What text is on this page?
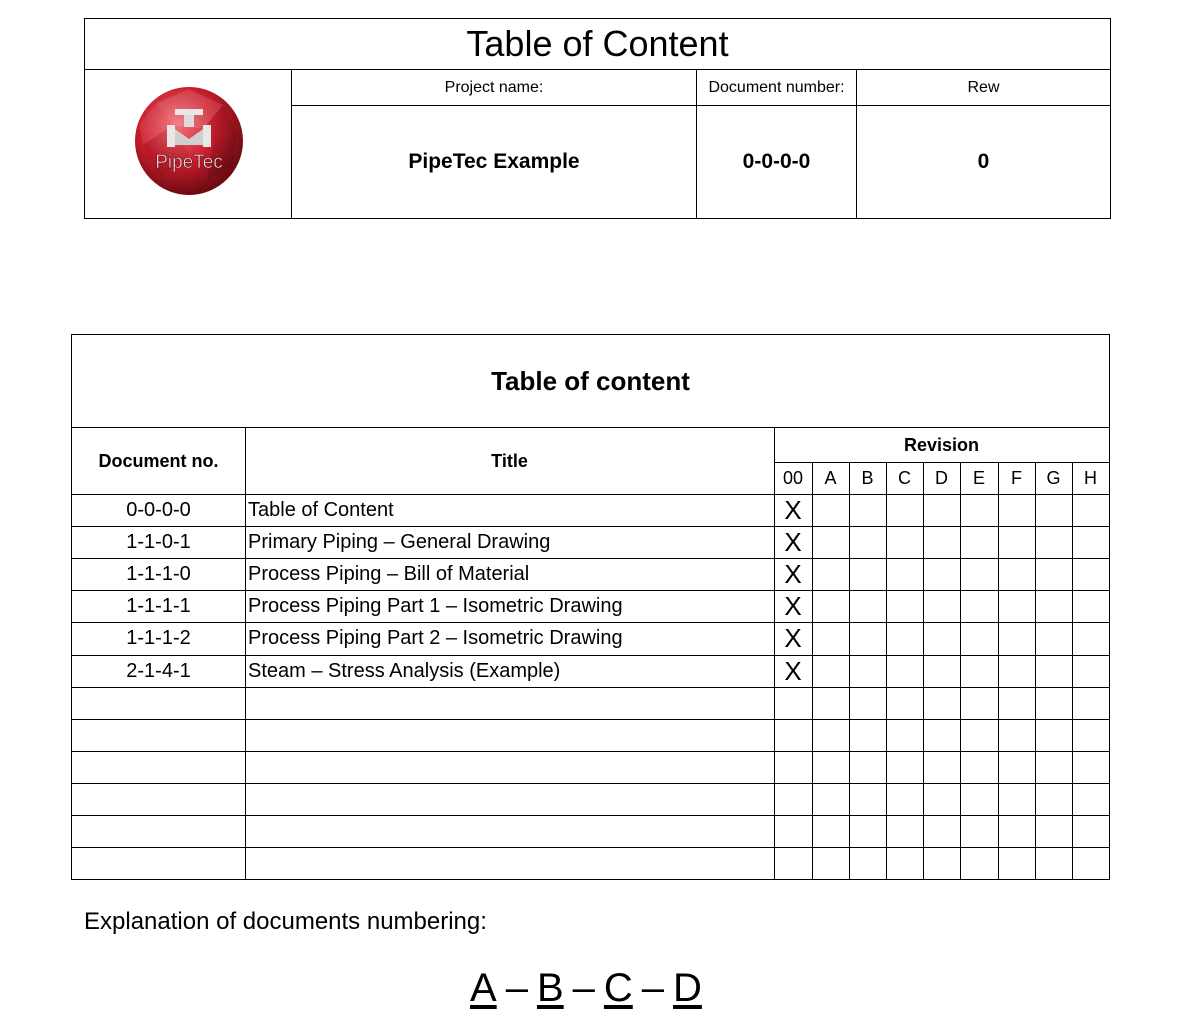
Table of Content
PipeTec
Project name:	Document number:	Rew
PipeTec Example	0-0-0-0	0
Table of content
Document no.	Title
Revision
00	A	B	C	D	E	F	G	H
0-0-0-0	Table of Content	X
1-1-0-1	Primary Piping – General Drawing	X
1-1-1-0	Process Piping – Bill of Material	X
1-1-1-1	Process Piping Part 1 – Isometric Drawing	X
1-1-1-2	Process Piping Part 2 – Isometric Drawing	X
2-1-4-1	Steam – Stress Analysis (Example)	X
Explanation of documents numbering:
A – B – C – D
